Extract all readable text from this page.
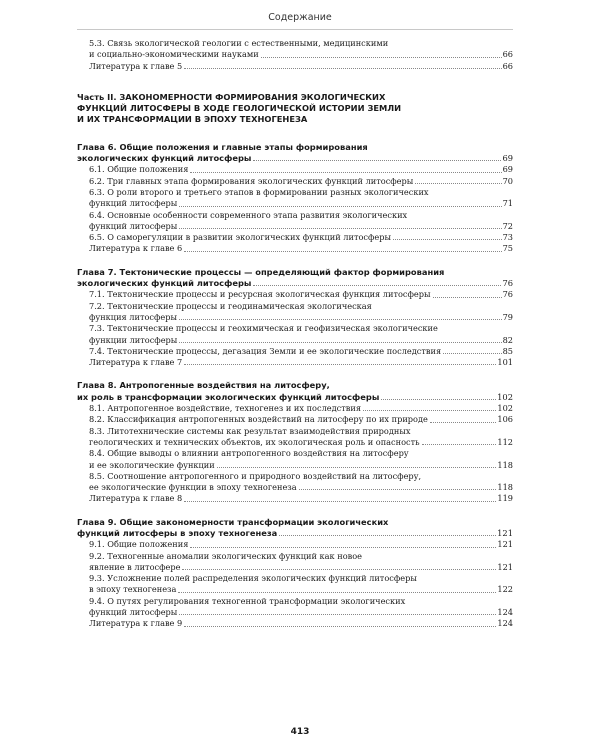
Содержание
5.3. Связь экологической геологии с естественными, медицинскими
и социально-экономическими науками	66
Литература к главе 5	66
Часть II. ЗАКОНОМЕРНОСТИ ФОРМИРОВАНИЯ ЭКОЛОГИЧЕСКИХ
ФУНКЦИЙ ЛИТОСФЕРЫ В ХОДЕ ГЕОЛОГИЧЕСКОЙ ИСТОРИИ ЗЕМЛИ
И ИХ ТРАНСФОРМАЦИИ В ЭПОХУ ТЕХНОГЕНЕЗА
Глава 6. Общие положения и главные этапы формирования
экологических функций литосферы	69
6.1. Общие положения	69
6.2. Три главных этапа формирования экологических функций литосферы	70
6.3. О роли второго и третьего этапов в формировании разных экологических
функций литосферы	71
6.4. Основные особенности современного этапа развития экологических
функций литосферы	72
6.5. О саморегуляции в развитии экологических функций литосферы	73
Литература к главе 6	75
Глава 7. Тектонические процессы — определяющий фактор формирования
экологических функций литосферы	76
7.1. Тектонические процессы и ресурсная экологическая функция литосферы	76
7.2. Тектонические процессы и геодинамическая экологическая
функция литосферы	79
7.3. Тектонические процессы и геохимическая и геофизическая экологические
функции литосферы	82
7.4. Тектонические процессы, дегазация Земли и ее экологические последствия	85
Литература к главе 7	101
Глава 8. Антропогенные воздействия на литосферу,
их роль в трансформации экологических функций литосферы	102
8.1. Антропогенное воздействие, техногенез и их последствия	102
8.2. Классификация антропогенных воздействий на литосферу по их природе	106
8.3. Литотехнические системы как результат взаимодействия природных
геологических и технических объектов, их экологическая роль и опасность	112
8.4. Общие выводы о влиянии антропогенного воздействия на литосферу
и ее экологические функции	118
8.5. Соотношение антропогенного и природного воздействий на литосферу,
ее экологические функции в эпоху техногенеза	118
Литература к главе 8	119
Глава 9. Общие закономерности трансформации экологических
функций литосферы в эпоху техногенеза	121
9.1. Общие положения	121
9.2. Техногенные аномалии экологических функций как новое
явление в литосфере	121
9.3. Усложнение полей распределения экологических функций литосферы
в эпоху техногенеза	122
9.4. О путях регулирования техногенной трансформации экологических
функций литосферы	124
Литература к главе 9	124
413
